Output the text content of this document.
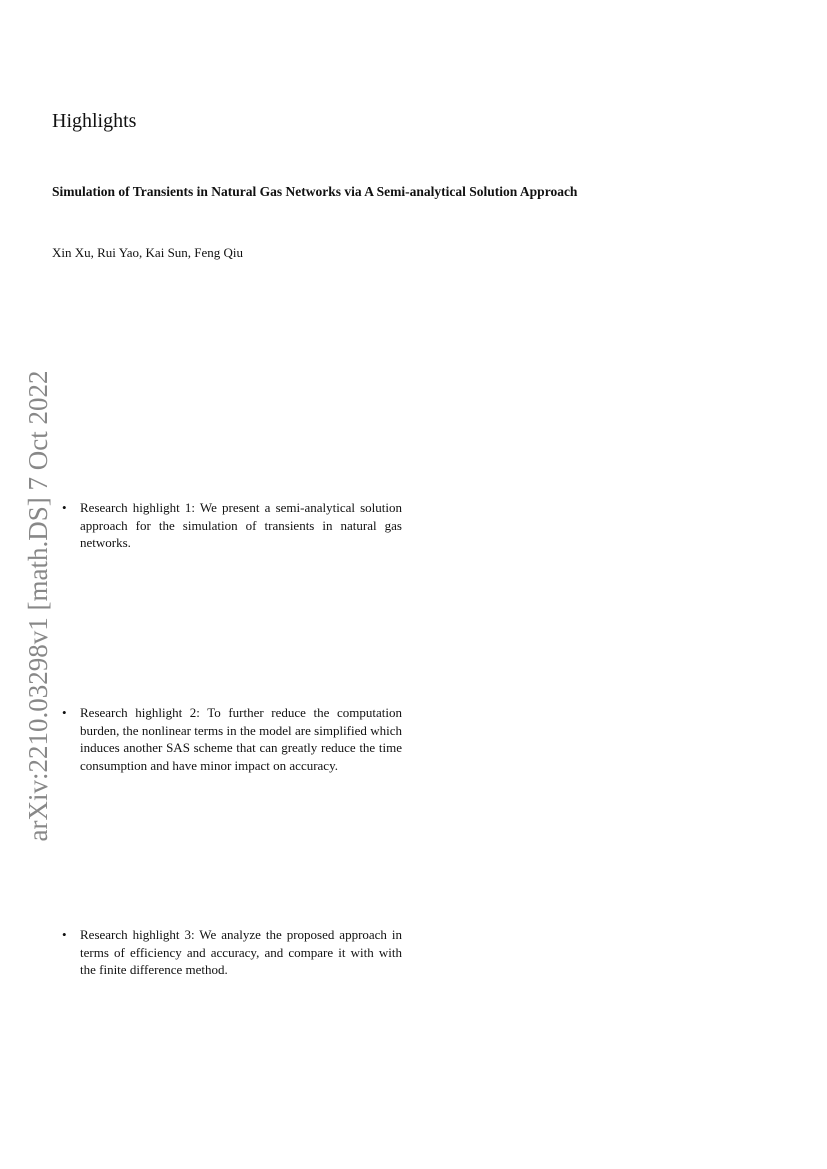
arXiv:2210.03298v1 [math.DS] 7 Oct 2022
Highlights
Simulation of Transients in Natural Gas Networks via A Semi-analytical Solution Approach

Xin Xu, Rui Yao, Kai Sun, Feng Qiu

•	Research highlight 1: We present a semi-analytical solution approach for the simulation of transients in natural gas networks.
•	Research highlight 2: To further reduce the computation burden, the nonlinear terms in the model are simplified which induces another SAS scheme that can greatly reduce the time consumption and have minor impact on accuracy.
•	Research highlight 3: We analyze the proposed approach in terms of efficiency and accuracy, and compare it with with the finite difference method.
